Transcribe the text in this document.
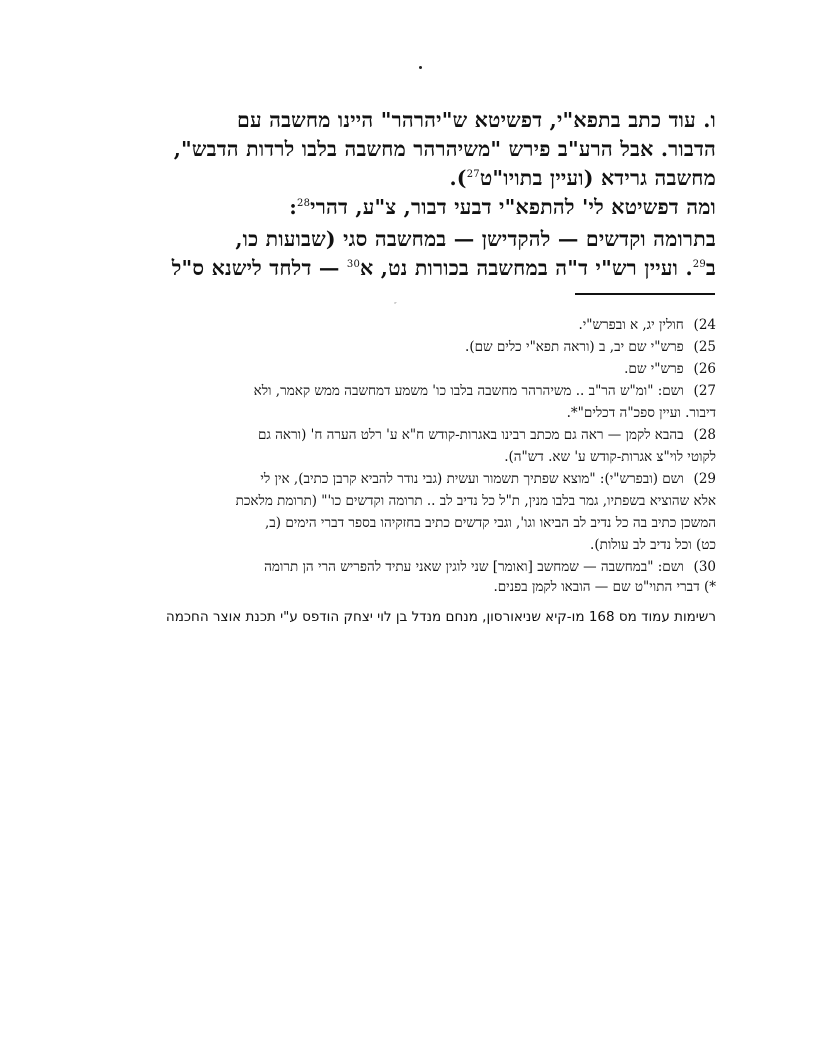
ו. עוד כתב בתפא"י, דפשיטא ש"יהרהר" היינו מחשבה עם
הדבור. אבל הרע"ב פירש "משיהרהר מחשבה בלבו לרדות הדבש",
מחשבה גרידא (ועיין בתויו"ט$^{27}$).
ומה דפשיטא לי' להתפא"י דבעי דבור, צ"ע, דהרי$^{28}$:
בתרומה וקדשים — להקדישן — במחשבה סגי (שבועות כו,
ב$^{29}$. ועיין רש"י ד"ה במחשבה בכורות נט, א$^{30}$ — דלחד לישנא ס"ל
״
24) חולין יג, א ובפרש"י.
25) פרש"י שם יב, ב (וראה תפא"י כלים שם).
26) פרש"י שם.
27) ושם: "ומ"ש הר"ב .. משיהרהר מחשבה בלבו כו' משמע דמחשבה ממש קאמר, ולא
דיבור. ועיין ספכ"ה דכלים"*.
28) בהבא לקמן — ראה גם מכתב רבינו באגרות-קודש ח"א ע' רלט הערה ח' (וראה גם
לקוטי לוי"צ אגרות-קודש ע' שא. דש"ה).
29) ושם (ובפרש"י): "מוצא שפתיך תשמור ועשית (גבי נודר להביא קרבן כתיב), אין לי
אלא שהוציא בשפתיו, גמר בלבו מנין, ת"ל כל נדיב לב .. תרומה וקדשים כו'" (תרומת מלאכת
המשכן כתיב בה כל נדיב לב הביאו וגו', וגבי קדשים כתיב בחזקיהו בספר דברי הימים (ב,
כט) וכל נדיב לב עולות).
30) ושם: "במחשבה — שמחשב [ואומר] שני לוגין שאני עתיד להפריש הרי הן תרומה
*) דברי התוי"ט שם — הובאו לקמן בפנים.
רשימות עמוד מס 168 מו-קיא שניאורסון, מנחם מנדל בן לוי יצחק הודפס ע"י תכנת אוצר החכמה
